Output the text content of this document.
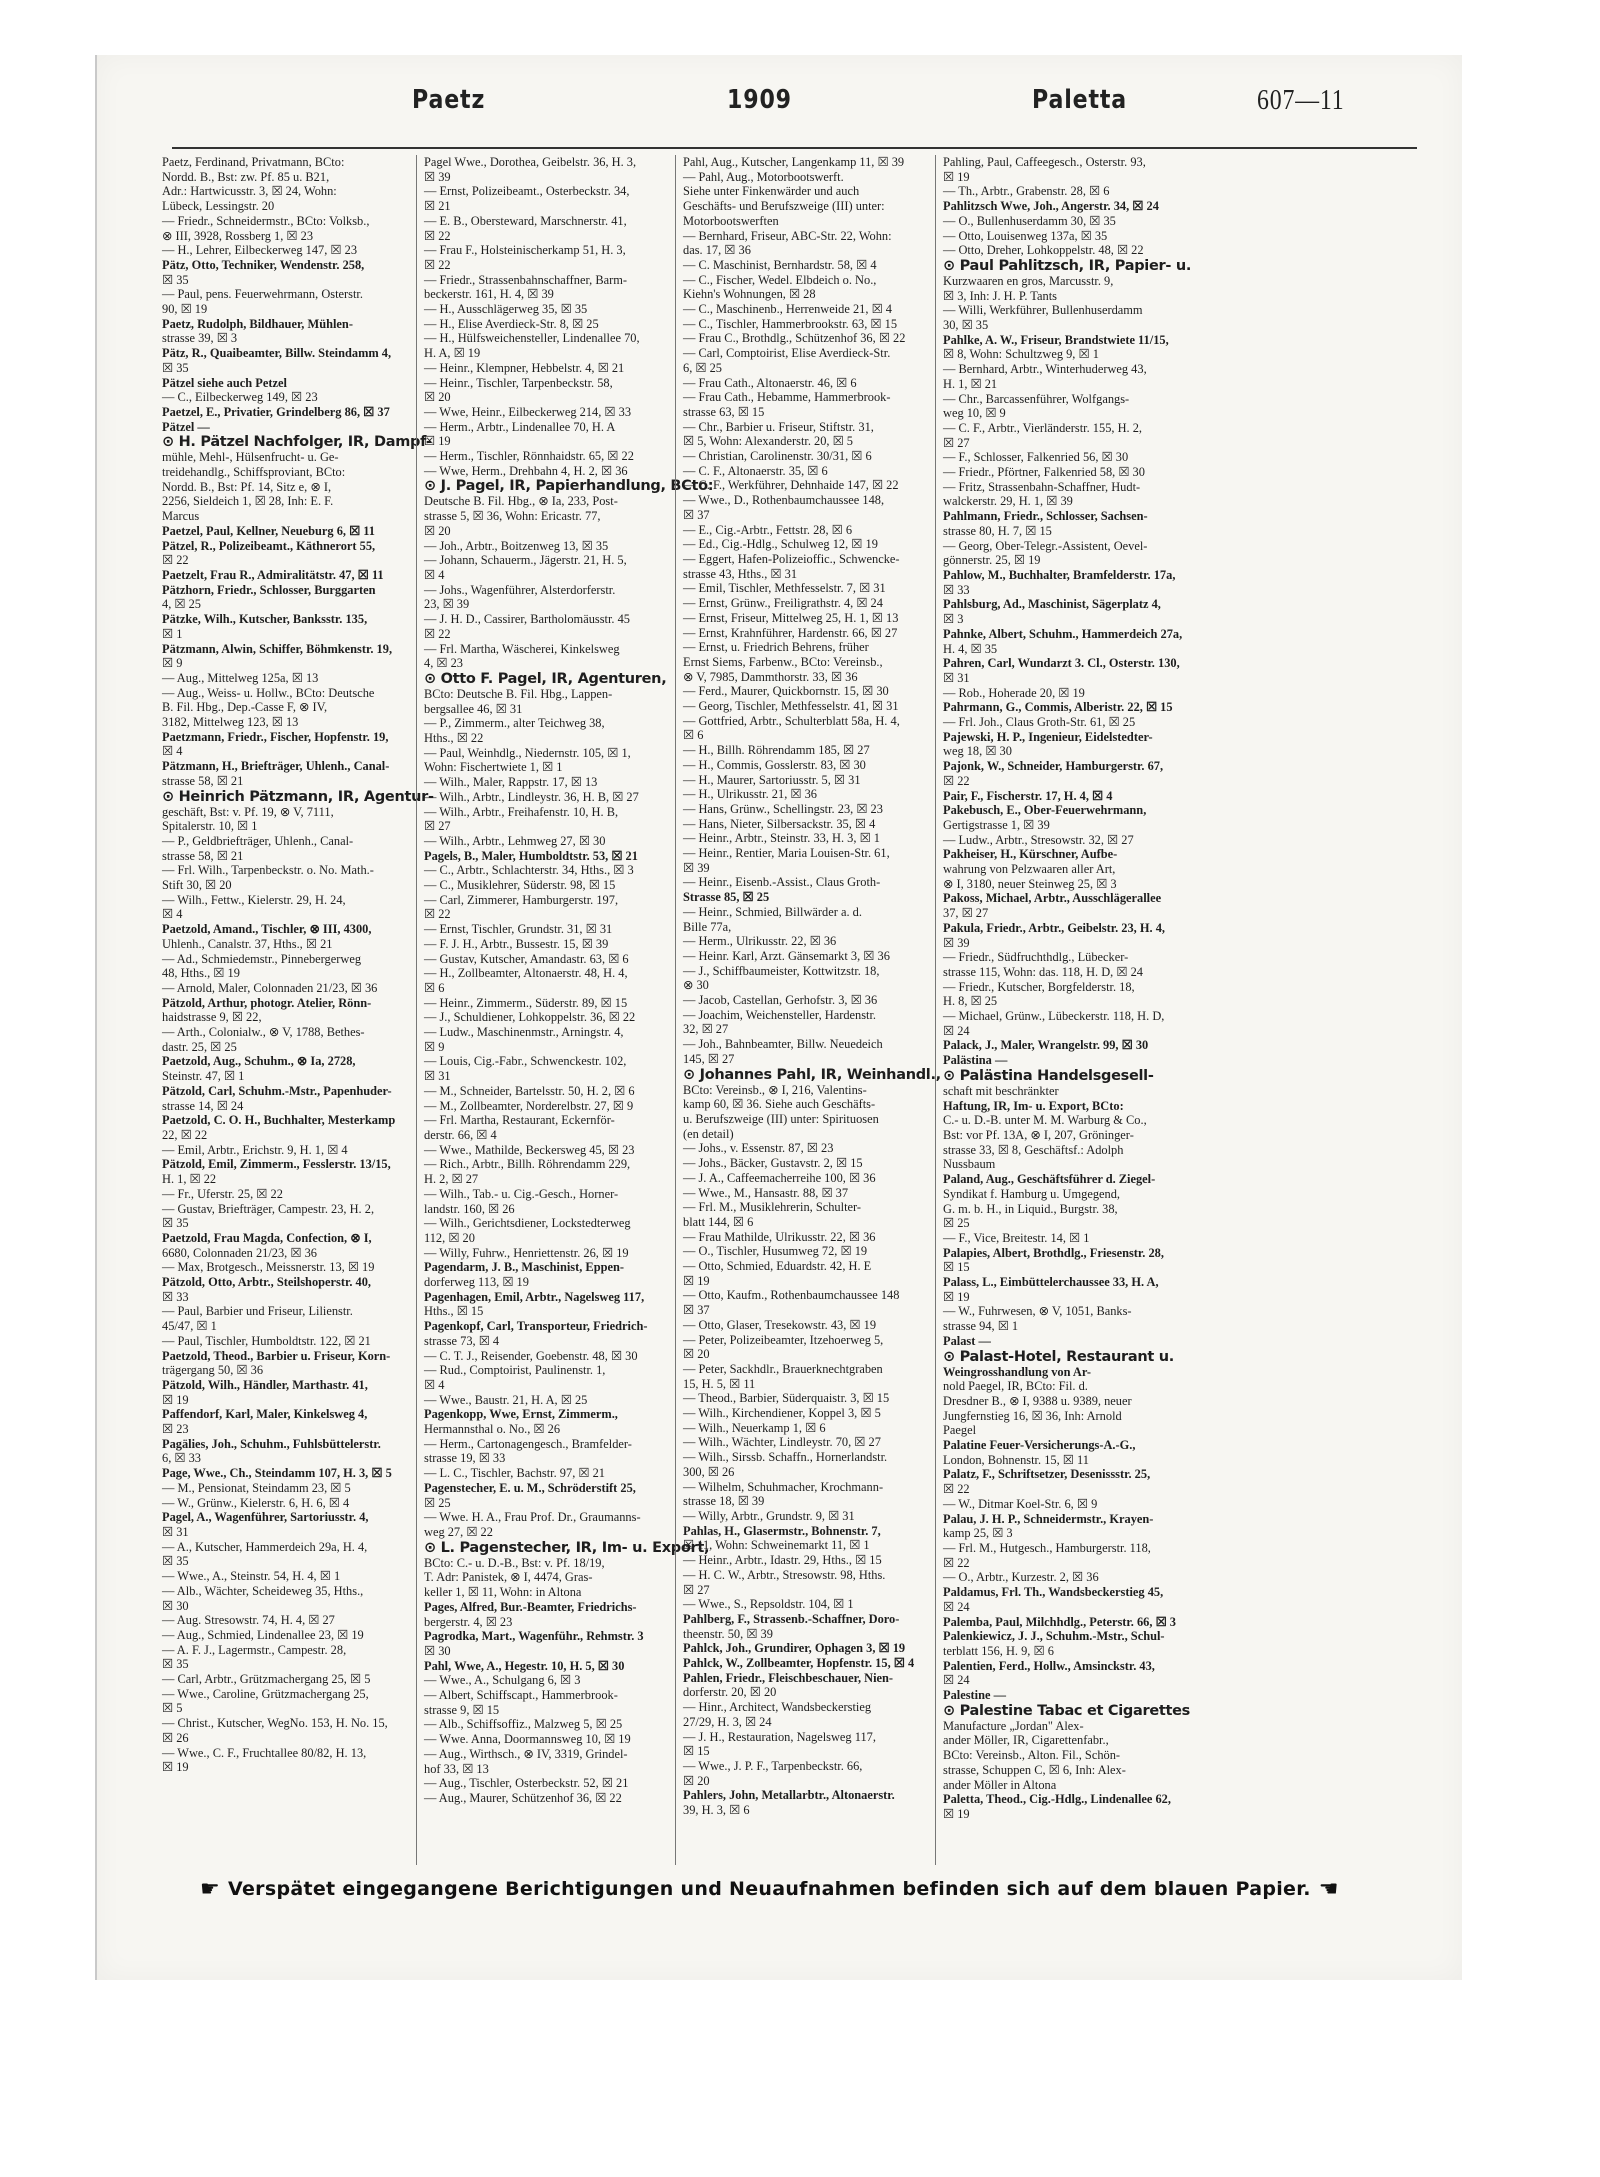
Paetz	1909	Paletta	607—11
Paetz, Ferdinand, Privatmann, BCto:
Nordd. B., Bst: zw. Pf. 85 u. B21,
Adr.: Hartwicusstr. 3, ☒ 24, Wohn:
Lübeck, Lessingstr. 20
— Friedr., Schneidermstr., BCto: Volksb.,
⊗ III, 3928, Rossberg 1, ☒ 23
— H., Lehrer, Eilbeckerweg 147, ☒ 23
Pätz, Otto, Techniker, Wendenstr. 258,
☒ 35
— Paul, pens. Feuerwehrmann, Osterstr.
90, ☒ 19
Paetz, Rudolph, Bildhauer, Mühlen-
strasse 39, ☒ 3
Pätz, R., Quaibeamter, Billw. Steindamm 4,
☒ 35
Pätzel siehe auch Petzel
— C., Eilbeckerweg 149, ☒ 23
Paetzel, E., Privatier, Grindelberg 86, ☒ 37
Pätzel —
⊙ H. Pätzel Nachfolger, IR, Dampf-
mühle, Mehl-, Hülsenfrucht- u. Ge-
treidehandlg., Schiffsproviant, BCto:
Nordd. B., Bst: Pf. 14, Sitz e, ⊗ I,
2256, Sieldeich 1, ☒ 28, Inh: E. F.
Marcus
Paetzel, Paul, Kellner, Neueburg 6, ☒ 11
Pätzel, R., Polizeibeamt., Käthnerort 55,
☒ 22
Paetzelt, Frau R., Admiralitätstr. 47, ☒ 11
Pätzhorn, Friedr., Schlosser, Burggarten
4, ☒ 25
Pätzke, Wilh., Kutscher, Banksstr. 135,
☒ 1
Pätzmann, Alwin, Schiffer, Böhmkenstr. 19,
☒ 9
— Aug., Mittelweg 125a, ☒ 13
— Aug., Weiss- u. Hollw., BCto: Deutsche
B. Fil. Hbg., Dep.-Casse F, ⊗ IV,
3182, Mittelweg 123, ☒ 13
Paetzmann, Friedr., Fischer, Hopfenstr. 19,
☒ 4
Pätzmann, H., Briefträger, Uhlenh., Canal-
strasse 58, ☒ 21
⊙ Heinrich Pätzmann, IR, Agentur-
geschäft, Bst: v. Pf. 19, ⊗ V, 7111,
Spitalerstr. 10, ☒ 1
— P., Geldbriefträger, Uhlenh., Canal-
strasse 58, ☒ 21
— Frl. Wilh., Tarpenbeckstr. o. No. Math.-
Stift 30, ☒ 20
— Wilh., Fettw., Kielerstr. 29, H. 24,
☒ 4
Paetzold, Amand., Tischler, ⊗ III, 4300,
Uhlenh., Canalstr. 37, Hths., ☒ 21
— Ad., Schmiedemstr., Pinnebergerweg
48, Hths., ☒ 19
— Arnold, Maler, Colonnaden 21/23, ☒ 36
Pätzold, Arthur, photogr. Atelier, Rönn-
haidstrasse 9, ☒ 22,
— Arth., Colonialw., ⊗ V, 1788, Bethes-
dastr. 25, ☒ 25
Paetzold, Aug., Schuhm., ⊗ Ia, 2728,
Steinstr. 47, ☒ 1
Pätzold, Carl, Schuhm.-Mstr., Papenhuder-
strasse 14, ☒ 24
Paetzold, C. O. H., Buchhalter, Mesterkamp
22, ☒ 22
— Emil, Arbtr., Erichstr. 9, H. 1, ☒ 4
Pätzold, Emil, Zimmerm., Fesslerstr. 13/15,
H. 1, ☒ 22
— Fr., Uferstr. 25, ☒ 22
— Gustav, Briefträger, Campestr. 23, H. 2,
☒ 35
Paetzold, Frau Magda, Confection, ⊗ I,
6680, Colonnaden 21/23, ☒ 36
— Max, Brotgesch., Meissnerstr. 13, ☒ 19
Pätzold, Otto, Arbtr., Steilshoperstr. 40,
☒ 33
— Paul, Barbier und Friseur, Lilienstr.
45/47, ☒ 1
— Paul, Tischler, Humboldtstr. 122, ☒ 21
Paetzold, Theod., Barbier u. Friseur, Korn-
trägergang 50, ☒ 36
Pätzold, Wilh., Händler, Marthastr. 41,
☒ 19
Paffendorf, Karl, Maler, Kinkelsweg 4,
☒ 23
Pagälies, Joh., Schuhm., Fuhlsbüttelerstr.
6, ☒ 33
Page, Wwe., Ch., Steindamm 107, H. 3, ☒ 5
— M., Pensionat, Steindamm 23, ☒ 5
— W., Grünw., Kielerstr. 6, H. 6, ☒ 4
Pagel, A., Wagenführer, Sartoriusstr. 4,
☒ 31
— A., Kutscher, Hammerdeich 29a, H. 4,
☒ 35
— Wwe., A., Steinstr. 54, H. 4, ☒ 1
— Alb., Wächter, Scheideweg 35, Hths.,
☒ 30
— Aug. Stresowstr. 74, H. 4, ☒ 27
— Aug., Schmied, Lindenallee 23, ☒ 19
— A. F. J., Lagermstr., Campestr. 28,
☒ 35
— Carl, Arbtr., Grützmachergang 25, ☒ 5
— Wwe., Caroline, Grützmachergang 25,
☒ 5
— Christ., Kutscher, WegNo. 153, H. No. 15,
☒ 26
— Wwe., C. F., Fruchtallee 80/82, H. 13,
☒ 19
Pagel Wwe., Dorothea, Geibelstr. 36, H. 3,
☒ 39
— Ernst, Polizeibeamt., Osterbeckstr. 34,
☒ 21
— E. B., Obersteward, Marschnerstr. 41,
☒ 22
— Frau F., Holsteinischerkamp 51, H. 3,
☒ 22
— Friedr., Strassenbahnschaffner, Barm-
beckerstr. 161, H. 4, ☒ 39
— H., Ausschlägerweg 35, ☒ 35
— H., Elise Averdieck-Str. 8, ☒ 25
— H., Hülfsweichensteller, Lindenallee 70,
H. A, ☒ 19
— Heinr., Klempner, Hebbelstr. 4, ☒ 21
— Heinr., Tischler, Tarpenbeckstr. 58,
☒ 20
— Wwe, Heinr., Eilbeckerweg 214, ☒ 33
— Herm., Arbtr., Lindenallee 70, H. A
☒ 19
— Herm., Tischler, Rönnhaidstr. 65, ☒ 22
— Wwe, Herm., Drehbahn 4, H. 2, ☒ 36
⊙ J. Pagel, IR, Papierhandlung, BCto:
Deutsche B. Fil. Hbg., ⊗ Ia, 233, Post-
strasse 5, ☒ 36, Wohn: Ericastr. 77,
☒ 20
— Joh., Arbtr., Boitzenweg 13, ☒ 35
— Johann, Schauerm., Jägerstr. 21, H. 5,
☒ 4
— Johs., Wagenführer, Alsterdorferstr.
23, ☒ 39
— J. H. D., Cassirer, Bartholomäusstr. 45
☒ 22
— Frl. Martha, Wäscherei, Kinkelsweg
4, ☒ 23
⊙ Otto F. Pagel, IR, Agenturen,
BCto: Deutsche B. Fil. Hbg., Lappen-
bergsallee 46, ☒ 31
— P., Zimmerm., alter Teichweg 38,
Hths., ☒ 22
— Paul, Weinhdlg., Niedernstr. 105, ☒ 1,
Wohn: Fischertwiete 1, ☒ 1
— Wilh., Maler, Rappstr. 17, ☒ 13
— Wilh., Arbtr., Lindleystr. 36, H. B, ☒ 27
— Wilh., Arbtr., Freihafenstr. 10, H. B,
☒ 27
— Wilh., Arbtr., Lehmweg 27, ☒ 30
Pagels, B., Maler, Humboldtstr. 53, ☒ 21
— C., Arbtr., Schlachterstr. 34, Hths., ☒ 3
— C., Musiklehrer, Süderstr. 98, ☒ 15
— Carl, Zimmerer, Hamburgerstr. 197,
☒ 22
— Ernst, Tischler, Grundstr. 31, ☒ 31
— F. J. H., Arbtr., Bussestr. 15, ☒ 39
— Gustav, Kutscher, Amandastr. 63, ☒ 6
— H., Zollbeamter, Altonaerstr. 48, H. 4,
☒ 6
— Heinr., Zimmerm., Süderstr. 89, ☒ 15
— J., Schuldiener, Lohkoppelstr. 36, ☒ 22
— Ludw., Maschinenmstr., Arningstr. 4,
☒ 9
— Louis, Cig.-Fabr., Schwenckestr. 102,
☒ 31
— M., Schneider, Bartelsstr. 50, H. 2, ☒ 6
— M., Zollbeamter, Norderelbstr. 27, ☒ 9
— Frl. Martha, Restaurant, Eckernför-
derstr. 66, ☒ 4
— Wwe., Mathilde, Beckersweg 45, ☒ 23
— Rich., Arbtr., Billh. Röhrendamm 229,
H. 2, ☒ 27
— Wilh., Tab.- u. Cig.-Gesch., Horner-
landstr. 160, ☒ 26
— Wilh., Gerichtsdiener, Lockstedterweg
112, ☒ 20
— Willy, Fuhrw., Henriettenstr. 26, ☒ 19
Pagendarm, J. B., Maschinist, Eppen-
dorferweg 113, ☒ 19
Pagenhagen, Emil, Arbtr., Nagelsweg 117,
Hths., ☒ 15
Pagenkopf, Carl, Transporteur, Friedrich-
strasse 73, ☒ 4
— C. T. J., Reisender, Goebenstr. 48, ☒ 30
— Rud., Comptoirist, Paulinenstr. 1,
☒ 4
— Wwe., Baustr. 21, H. A, ☒ 25
Pagenkopp, Wwe, Ernst, Zimmerm.,
Hermannsthal o. No., ☒ 26
— Herm., Cartonagengesch., Bramfelder-
strasse 19, ☒ 33
— L. C., Tischler, Bachstr. 97, ☒ 21
Pagenstecher, E. u. M., Schröderstift 25,
☒ 25
— Wwe. H. A., Frau Prof. Dr., Graumanns-
weg 27, ☒ 22
⊙ L. Pagenstecher, IR, Im- u. Export,
BCto: C.- u. D.-B., Bst: v. Pf. 18/19,
T. Adr: Panistek, ⊗ I, 4474, Gras-
keller 1, ☒ 11, Wohn: in Altona
Pages, Alfred, Bur.-Beamter, Friedrichs-
bergerstr. 4, ☒ 23
Pagrodka, Mart., Wagenführ., Rehmstr. 3
☒ 30
Pahl, Wwe, A., Hegestr. 10, H. 5, ☒ 30
— Wwe., A., Schulgang 6, ☒ 3
— Albert, Schiffscapt., Hammerbrook-
strasse 9, ☒ 15
— Alb., Schiffsoffiz., Malzweg 5, ☒ 25
— Wwe. Anna, Doormannsweg 10, ☒ 19
— Aug., Wirthsch., ⊗ IV, 3319, Grindel-
hof 33, ☒ 13
— Aug., Tischler, Osterbeckstr. 52, ☒ 21
— Aug., Maurer, Schützenhof 36, ☒ 22
Pahl, Aug., Kutscher, Langenkamp 11, ☒ 39
— Pahl, Aug., Motorbootswerft.
Siehe unter Finkenwärder und auch
Geschäfts- und Berufszweige (III) unter:
Motorbootswerften
— Bernhard, Friseur, ABC-Str. 22, Wohn:
das. 17, ☒ 36
— C. Maschinist, Bernhardstr. 58, ☒ 4
— C., Fischer, Wedel. Elbdeich o. No.,
Kiehn's Wohnungen, ☒ 28
— C., Maschinenb., Herrenweide 21, ☒ 4
— C., Tischler, Hammerbrookstr. 63, ☒ 15
— Frau C., Brothdlg., Schützenhof 36, ☒ 22
— Carl, Comptoirist, Elise Averdieck-Str.
6, ☒ 25
— Frau Cath., Altonaerstr. 46, ☒ 6
— Frau Cath., Hebamme, Hammerbrook-
strasse 63, ☒ 15
— Chr., Barbier u. Friseur, Stiftstr. 31,
☒ 5, Wohn: Alexanderstr. 20, ☒ 5
— Christian, Carolinenstr. 30/31, ☒ 6
— C. F., Altonaerstr. 35, ☒ 6
— C. F., Werkführer, Dehnhaide 147, ☒ 22
— Wwe., D., Rothenbaumchaussee 148,
☒ 37
— E., Cig.-Arbtr., Fettstr. 28, ☒ 6
— Ed., Cig.-Hdlg., Schulweg 12, ☒ 19
— Eggert, Hafen-Polizeioffic., Schwencke-
strasse 43, Hths., ☒ 31
— Emil, Tischler, Methfesselstr. 7, ☒ 31
— Ernst, Grünw., Freiligrathstr. 4, ☒ 24
— Ernst, Friseur, Mittelweg 25, H. 1, ☒ 13
— Ernst, Krahnführer, Hardenstr. 66, ☒ 27
— Ernst, u. Friedrich Behrens, früher
Ernst Siems, Farbenw., BCto: Vereinsb.,
⊗ V, 7985, Dammthorstr. 33, ☒ 36
— Ferd., Maurer, Quickbornstr. 15, ☒ 30
— Georg, Tischler, Methfesselstr. 41, ☒ 31
— Gottfried, Arbtr., Schulterblatt 58a, H. 4,
☒ 6
— H., Billh. Röhrendamm 185, ☒ 27
— H., Commis, Gosslerstr. 83, ☒ 30
— H., Maurer, Sartoriusstr. 5, ☒ 31
— H., Ulrikusstr. 21, ☒ 36
— Hans, Grünw., Schellingstr. 23, ☒ 23
— Hans, Nieter, Silbersackstr. 35, ☒ 4
— Heinr., Arbtr., Steinstr. 33, H. 3, ☒ 1
— Heinr., Rentier, Maria Louisen-Str. 61,
☒ 39
— Heinr., Eisenb.-Assist., Claus Groth-
Strasse 85, ☒ 25
— Heinr., Schmied, Billwärder a. d.
Bille 77a,
— Herm., Ulrikusstr. 22, ☒ 36
— Heinr. Karl, Arzt. Gänsemarkt 3, ☒ 36
— J., Schiffbaumeister, Kottwitzstr. 18,
⊗ 30
— Jacob, Castellan, Gerhofstr. 3, ☒ 36
— Joachim, Weichensteller, Hardenstr.
32, ☒ 27
— Joh., Bahnbeamter, Billw. Neuedeich
145, ☒ 27
⊙ Johannes Pahl, IR, Weinhandl.,
BCto: Vereinsb., ⊗ I, 216, Valentins-
kamp 60, ☒ 36. Siehe auch Geschäfts-
u. Berufszweige (III) unter: Spirituosen
(en detail)
— Johs., v. Essenstr. 87, ☒ 23
— Johs., Bäcker, Gustavstr. 2, ☒ 15
— J. A., Caffeemacherreihe 100, ☒ 36
— Wwe., M., Hansastr. 88, ☒ 37
— Frl. M., Musiklehrerin, Schulter-
blatt 144, ☒ 6
— Frau Mathilde, Ulrikusstr. 22, ☒ 36
— O., Tischler, Husumweg 72, ☒ 19
— Otto, Schmied, Eduardstr. 42, H. E
☒ 19
— Otto, Kaufm., Rothenbaumchaussee 148
☒ 37
— Otto, Glaser, Tresekowstr. 43, ☒ 19
— Peter, Polizeibeamter, Itzehoerweg 5,
☒ 20
— Peter, Sackhdlr., Brauerknechtgraben
15, H. 5, ☒ 11
— Theod., Barbier, Süderquaistr. 3, ☒ 15
— Wilh., Kirchendiener, Koppel 3, ☒ 5
— Wilh., Neuerkamp 1, ☒ 6
— Wilh., Wächter, Lindleystr. 70, ☒ 27
— Wilh., Sirssb. Schaffn., Hornerlandstr.
300, ☒ 26
— Wilhelm, Schuhmacher, Krochmann-
strasse 18, ☒ 39
— Willy, Arbtr., Grundstr. 9, ☒ 31
Pahlas, H., Glasermstr., Bohnenstr. 7,
☒ 11, Wohn: Schweinemarkt 11, ☒ 1
— Heinr., Arbtr., Idastr. 29, Hths., ☒ 15
— H. C. W., Arbtr., Stresowstr. 98, Hths.
☒ 27
— Wwe., S., Repsoldstr. 104, ☒ 1
Pahlberg, F., Strassenb.-Schaffner, Doro-
theenstr. 50, ☒ 39
Pahlck, Joh., Grundirer, Ophagen 3, ☒ 19
Pahlck, W., Zollbeamter, Hopfenstr. 15, ☒ 4
Pahlen, Friedr., Fleischbeschauer, Nien-
dorferstr. 20, ☒ 20
— Hinr., Architect, Wandsbeckerstieg
27/29, H. 3, ☒ 24
— J. H., Restauration, Nagelsweg 117,
☒ 15
— Wwe., J. P. F., Tarpenbeckstr. 66,
☒ 20
Pahlers, John, Metallarbtr., Altonaerstr.
39, H. 3, ☒ 6
Pahling, Paul, Caffeegesch., Osterstr. 93,
☒ 19
— Th., Arbtr., Grabenstr. 28, ☒ 6
Pahlitzsch Wwe, Joh., Angerstr. 34, ☒ 24
— O., Bullenhuserdamm 30, ☒ 35
— Otto, Louisenweg 137a, ☒ 35
— Otto, Dreher, Lohkoppelstr. 48, ☒ 22
⊙ Paul Pahlitzsch, IR, Papier- u.
Kurzwaaren en gros, Marcusstr. 9,
☒ 3, Inh: J. H. P. Tants
— Willi, Werkführer, Bullenhuserdamm
30, ☒ 35
Pahlke, A. W., Friseur, Brandstwiete 11/15,
☒ 8, Wohn: Schultzweg 9, ☒ 1
— Bernhard, Arbtr., Winterhuderweg 43,
H. 1, ☒ 21
— Chr., Barcassenführer, Wolfgangs-
weg 10, ☒ 9
— C. F., Arbtr., Vierländerstr. 155, H. 2,
☒ 27
— F., Schlosser, Falkenried 56, ☒ 30
— Friedr., Pförtner, Falkenried 58, ☒ 30
— Fritz, Strassenbahn-Schaffner, Hudt-
walckerstr. 29, H. 1, ☒ 39
Pahlmann, Friedr., Schlosser, Sachsen-
strasse 80, H. 7, ☒ 15
— Georg, Ober-Telegr.-Assistent, Oevel-
gönnerstr. 25, ☒ 19
Pahlow, M., Buchhalter, Bramfelderstr. 17a,
☒ 33
Pahlsburg, Ad., Maschinist, Sägerplatz 4,
☒ 3
Pahnke, Albert, Schuhm., Hammerdeich 27a,
H. 4, ☒ 35
Pahren, Carl, Wundarzt 3. Cl., Osterstr. 130,
☒ 31
— Rob., Hoherade 20, ☒ 19
Pahrmann, G., Commis, Alberistr. 22, ☒ 15
— Frl. Joh., Claus Groth-Str. 61, ☒ 25
Pajewski, H. P., Ingenieur, Eidelstedter-
weg 18, ☒ 30
Pajonk, W., Schneider, Hamburgerstr. 67,
☒ 22
Pair, F., Fischerstr. 17, H. 4, ☒ 4
Pakebusch, E., Ober-Feuerwehrmann,
Gertigstrasse 1, ☒ 39
— Ludw., Arbtr., Stresowstr. 32, ☒ 27
Pakheiser, H., Kürschner, Aufbe-
wahrung von Pelzwaaren aller Art,
⊗ I, 3180, neuer Steinweg 25, ☒ 3
Pakoss, Michael, Arbtr., Ausschlägerallee
37, ☒ 27
Pakula, Friedr., Arbtr., Geibelstr. 23, H. 4,
☒ 39
— Friedr., Südfruchthdlg., Lübecker-
strasse 115, Wohn: das. 118, H. D, ☒ 24
— Friedr., Kutscher, Borgfelderstr. 18,
H. 8, ☒ 25
— Michael, Grünw., Lübeckerstr. 118, H. D,
☒ 24
Palack, J., Maler, Wrangelstr. 99, ☒ 30
Palästina —
⊙ Palästina Handelsgesell-
schaft mit beschränkter
Haftung, IR, Im- u. Export, BCto:
C.- u. D.-B. unter M. M. Warburg & Co.,
Bst: vor Pf. 13A, ⊗ I, 207, Gröninger-
strasse 33, ☒ 8, Geschäftsf.: Adolph
Nussbaum
Paland, Aug., Geschäftsführer d. Ziegel-
Syndikat f. Hamburg u. Umgegend,
G. m. b. H., in Liquid., Burgstr. 38,
☒ 25
— F., Vice, Breitestr. 14, ☒ 1
Palapies, Albert, Brothdlg., Friesenstr. 28,
☒ 15
Palass, L., Eimbüttelerchaussee 33, H. A,
☒ 19
— W., Fuhrwesen, ⊗ V, 1051, Banks-
strasse 94, ☒ 1
Palast —
⊙ Palast-Hotel, Restaurant u.
Weingrosshandlung von Ar-
nold Paegel, IR, BCto: Fil. d.
Dresdner B., ⊗ I, 9388 u. 9389, neuer
Jungfernstieg 16, ☒ 36, Inh: Arnold
Paegel
Palatine Feuer-Versicherungs-A.-G.,
London, Bohnenstr. 15, ☒ 11
Palatz, F., Schriftsetzer, Desenissstr. 25,
☒ 22
— W., Ditmar Koel-Str. 6, ☒ 9
Palau, J. H. P., Schneidermstr., Krayen-
kamp 25, ☒ 3
— Frl. M., Hutgesch., Hamburgerstr. 118,
☒ 22
— O., Arbtr., Kurzestr. 2, ☒ 36
Paldamus, Frl. Th., Wandsbeckerstieg 45,
☒ 24
Palemba, Paul, Milchhdlg., Peterstr. 66, ☒ 3
Palenkiewicz, J. J., Schuhm.-Mstr., Schul-
terblatt 156, H. 9, ☒ 6
Palentien, Ferd., Hollw., Amsinckstr. 43,
☒ 24
Palestine —
⊙ Palestine Tabac et Cigarettes
Manufacture „Jordan" Alex-
ander Möller, IR, Cigarettenfabr.,
BCto: Vereinsb., Alton. Fil., Schön-
strasse, Schuppen C, ☒ 6, Inh: Alex-
ander Möller in Altona
Paletta, Theod., Cig.-Hdlg., Lindenallee 62,
☒ 19
☛ Verspätet eingegangene Berichtigungen und Neuaufnahmen befinden sich auf dem blauen Papier. ☚
